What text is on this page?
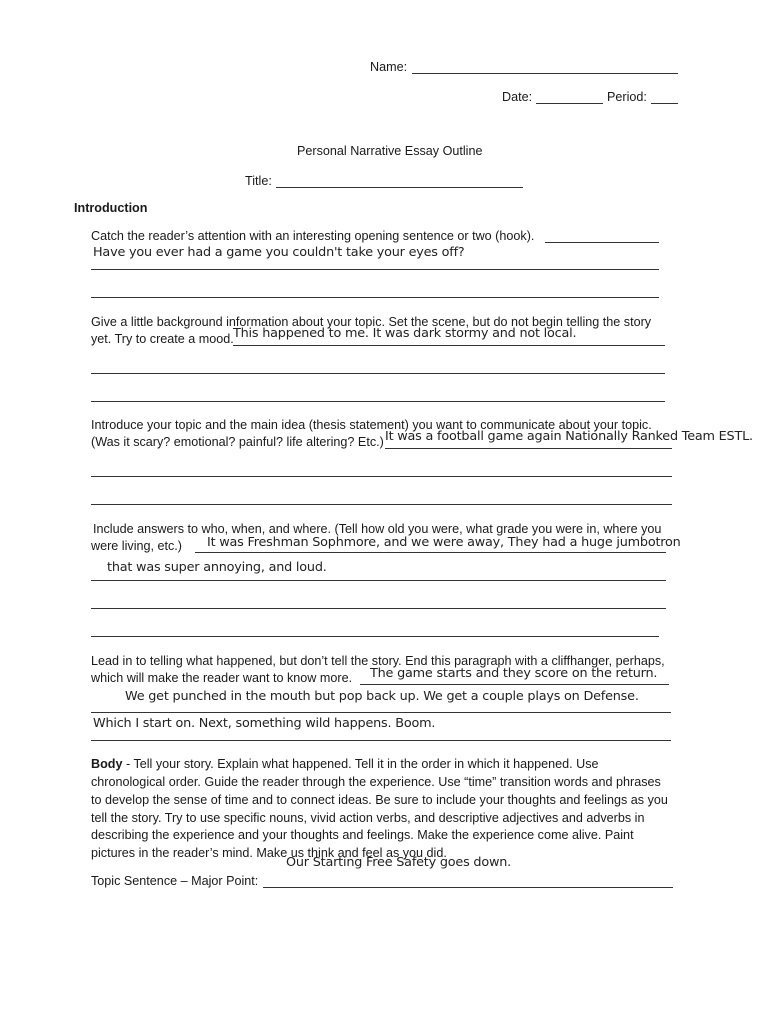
Name:
Date:	Period:
Personal Narrative Essay Outline
Title:
Introduction
Catch the reader’s attention with an interesting opening sentence or two (hook).
Have you ever had a game you couldn't take your eyes off?
Give a little background information about your topic. Set the scene, but do not begin telling the story
yet. Try to create a mood. This happened to me. It was dark stormy and not local.
Introduce your topic and the main idea (thesis statement) you want to communicate about your topic.
(Was it scary? emotional? painful? life altering? Etc.) It was a football game again Nationally Ranked Team ESTL.
Include answers to who, when, and where. (Tell how old you were, what grade you were in, where you
were living, etc.) It was Freshman Sophmore, and we were away, They had a huge jumbotron
that was super annoying, and loud.
Lead in to telling what happened, but don’t tell the story. End this paragraph with a cliffhanger, perhaps,
which will make the reader want to know more. The game starts and they score on the return.
We get punched in the mouth but pop back up. We get a couple plays on Defense.
Which I start on. Next, something wild happens. Boom.
Body - Tell your story. Explain what happened. Tell it in the order in which it happened. Use
chronological order. Guide the reader through the experience. Use “time” transition words and phrases
to develop the sense of time and to connect ideas. Be sure to include your thoughts and feelings as you
tell the story. Try to use specific nouns, vivid action verbs, and descriptive adjectives and adverbs in
describing the experience and your thoughts and feelings. Make the experience come alive. Paint
pictures in the reader’s mind. Make us think and feel as you did.
Our Starting Free Safety goes down.
Topic Sentence – Major Point:
